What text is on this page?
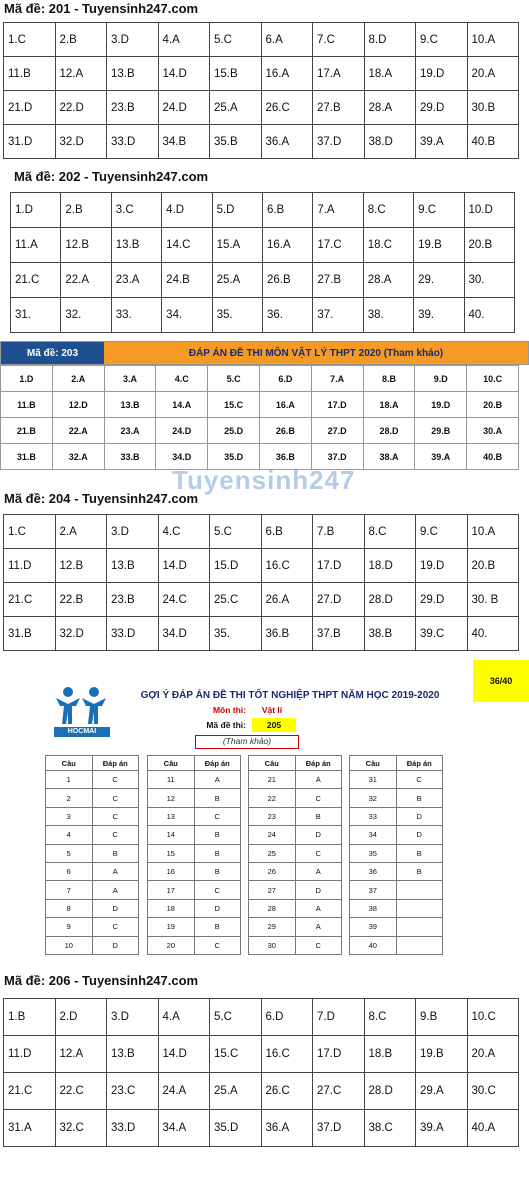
Mã đề: 201 - Tuyensinh247.com
1.C	2.B	3.D	4.A	5.C	6.A	7.C	8.D	9.C	10.A
11.B	12.A	13.B	14.D	15.B	16.A	17.A	18.A	19.D	20.A
21.D	22.D	23.B	24.D	25.A	26.C	27.B	28.A	29.D	30.B
31.D	32.D	33.D	34.B	35.B	36.A	37.D	38.D	39.A	40.B
Mã đề: 202 - Tuyensinh247.com
1.D	2.B	3.C	4.D	5.D	6.B	7.A	8.C	9.C	10.D
11.A	12.B	13.B	14.C	15.A	16.A	17.C	18.C	19.B	20.B
21.C	22.A	23.A	24.B	25.A	26.B	27.B	28.A	29.	30.
31.	32.	33.	34.	35.	36.	37.	38.	39.	40.
Mã đề: 203	ĐÁP ÁN ĐỀ THI MÔN VẬT LÝ THPT 2020 (Tham khảo)
1.D	2.A	3.A	4.C	5.C	6.D	7.A	8.B	9.D	10.C
11.B	12.D	13.B	14.A	15.C	16.A	17.D	18.A	19.D	20.B
21.B	22.A	23.A	24.D	25.D	26.B	27.D	28.D	29.B	30.A
31.B	32.A	33.B	34.D	35.D	36.B	37.D	38.A	39.A	40.B
Tuyensinh247
Mã đề: 204 - Tuyensinh247.com
1.C	2.A	3.D	4.C	5.C	6.B	7.B	8.C	9.C	10.A
11.D	12.B	13.B	14.D	15.D	16.C	17.D	18.D	19.D	20.B
21.C	22.B	23.B	24.C	25.C	26.A	27.D	28.D	29.D	30. B
31.B	32.D	33.D	34.D	35.	36.B	37.B	38.B	39.C	40.
HOCMAI
GỢI Ý ĐÁP ÁN ĐỀ THI TỐT NGHIỆP THPT NĂM HỌC 2019-2020
Môn thi:	Vật lí
Mã đề thi:	205
(Tham khảo)
36/40
Câu	Đáp án
1	C
2	C
3	C
4	C
5	B
6	A
7	A
8	D
9	C
10	D
Câu	Đáp án
11	A
12	B
13	C
14	B
15	B
16	B
17	C
18	D
19	B
20	C
Câu	Đáp án
21	A
22	C
23	B
24	D
25	C
26	A
27	D
28	A
29	A
30	C
Câu	Đáp án
31	C
32	B
33	D
34	D
35	B
36	B
37	
38	
39	
40	
Mã đề: 206 - Tuyensinh247.com
1.B	2.D	3.D	4.A	5.C	6.D	7.D	8.C	9.B	10.C
11.D	12.A	13.B	14.D	15.C	16.C	17.D	18.B	19.B	20.A
21.C	22.C	23.C	24.A	25.A	26.C	27.C	28.D	29.A	30.C
31.A	32.C	33.D	34.A	35.D	36.A	37.D	38.C	39.A	40.A
